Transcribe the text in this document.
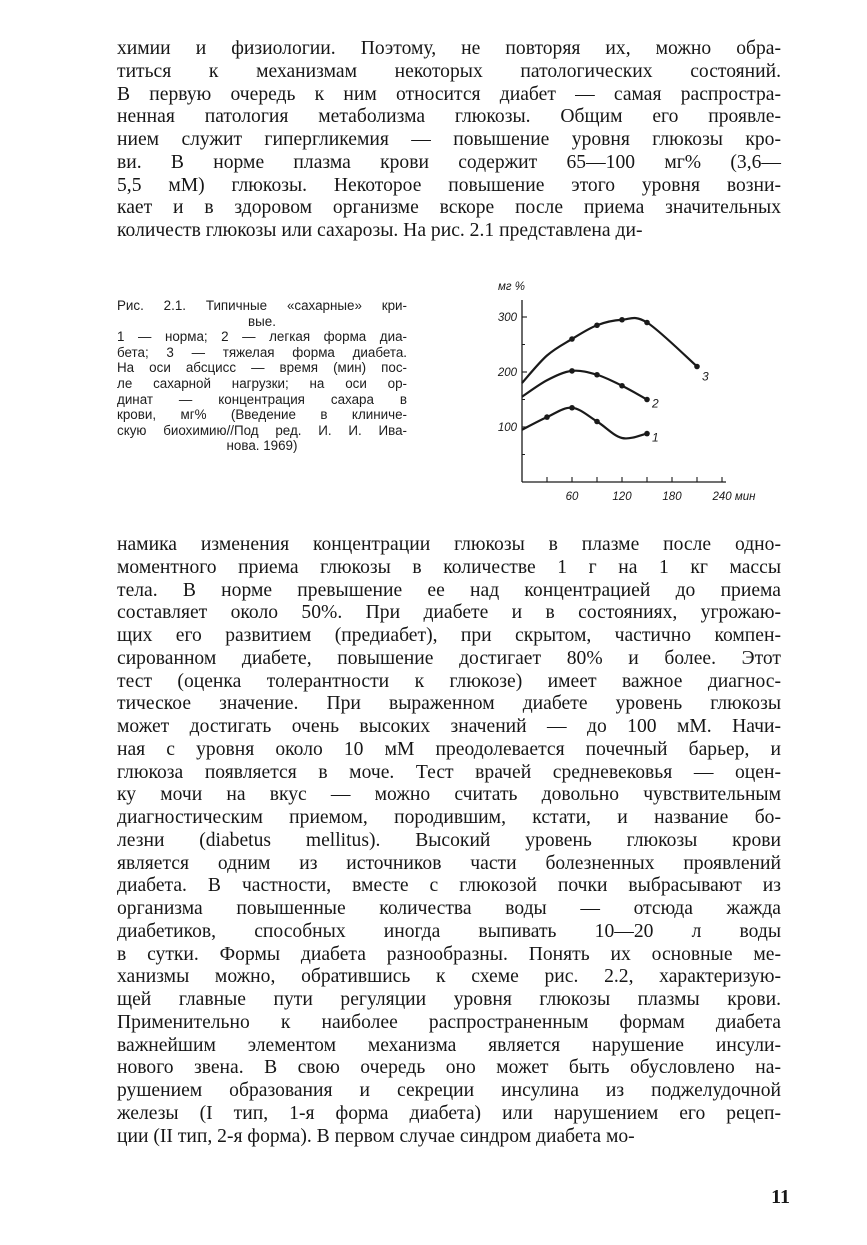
химии и физиологии. Поэтому, не повторяя их, можно обра-
титься к механизмам некоторых патологических состояний.
В первую очередь к ним относится диабет — самая распростра-
ненная патология метаболизма глюкозы. Общим его проявле-
нием служит гипергликемия — повышение уровня глюкозы кро-
ви. В норме плазма крови содержит 65—100 мг% (3,6—
5,5 мМ) глюкозы. Некоторое повышение этого уровня возни-
кает и в здоровом организме вскоре после приема значительных
количеств глюкозы или сахарозы. На рис. 2.1 представлена ди-
Рис. 2.1. Типичные «сахарные» кри-
вые.
1 — норма; 2 — легкая форма диа-
бета; 3 — тяжелая форма диабета.
На оси абсцисс — время (мин) пос-
ле сахарной нагрузки; на оси ор-
динат — концентрация сахара в
крови, мг% (Введение в клиниче-
скую биохимию//Под ред. И. И. Ива-
нова. 1969)
60	120	180	240 мин
100
200
300
мг %
1
2
3
намика изменения концентрации глюкозы в плазме после одно-
моментного приема глюкозы в количестве 1 г на 1 кг массы
тела. В норме превышение ее над концентрацией до приема
составляет около 50%. При диабете и в состояниях, угрожаю-
щих его развитием (предиабет), при скрытом, частично компен-
сированном диабете, повышение достигает 80% и более. Этот
тест (оценка толерантности к глюкозе) имеет важное диагнос-
тическое значение. При выраженном диабете уровень глюкозы
может достигать очень высоких значений — до 100 мМ. Начи-
ная с уровня около 10 мМ преодолевается почечный барьер, и
глюкоза появляется в моче. Тест врачей средневековья — оцен-
ку мочи на вкус — можно считать довольно чувствительным
диагностическим приемом, породившим, кстати, и название бо-
лезни (diabetus mellitus). Высокий уровень глюкозы крови
является одним из источников части болезненных проявлений
диабета. В частности, вместе с глюкозой почки выбрасывают из
организма повышенные количества воды — отсюда жажда
диабетиков, способных иногда выпивать 10—20 л воды
в сутки. Формы диабета разнообразны. Понять их основные ме-
ханизмы можно, обратившись к схеме рис. 2.2, характеризую-
щей главные пути регуляции уровня глюкозы плазмы крови.
Применительно к наиболее распространенным формам диабета
важнейшим элементом механизма является нарушение инсули-
нового звена. В свою очередь оно может быть обусловлено на-
рушением образования и секреции инсулина из поджелудочной
железы (I тип, 1-я форма диабета) или нарушением его рецеп-
ции (II тип, 2-я форма). В первом случае синдром диабета мо-
11
